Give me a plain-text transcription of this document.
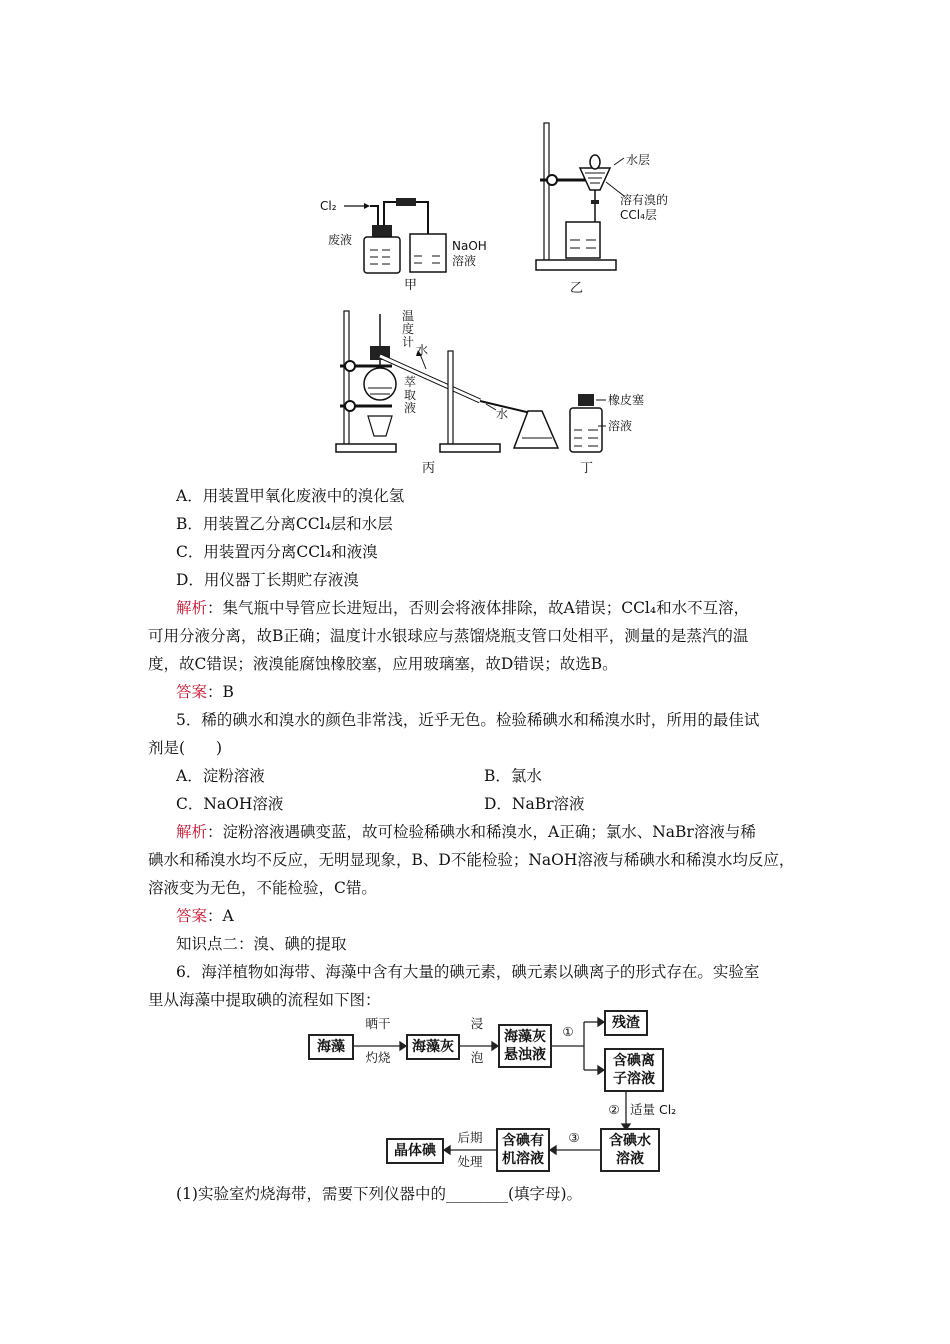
Cl₂
废液	NaOH
溶液
甲
水层
溶有溴的
CCl₄层
乙
水
水
温
度
计
萃
取
液
丙
橡皮塞
溶液
丁
A．用装置甲氧化废液中的溴化氢
B．用装置乙分离CCl₄层和水层
C．用装置丙分离CCl₄和液溴
D．用仪器丁长期贮存液溴
解析：集气瓶中导管应长进短出，否则会将液体排除，故A错误；CCl₄和水不互溶，
可用分液分离，故B正确；温度计水银球应与蒸馏烧瓶支管口处相平，测量的是蒸汽的温
度，故C错误；液溴能腐蚀橡胶塞，应用玻璃塞，故D错误；故选B。
答案：B
5．稀的碘水和溴水的颜色非常浅，近乎无色。检验稀碘水和稀溴水时，所用的最佳试
剂是(　　)
A．淀粉溶液	B．氯水
C．NaOH溶液	D．NaBr溶液
解析：淀粉溶液遇碘变蓝，故可检验稀碘水和稀溴水，A正确；氯水、NaBr溶液与稀
碘水和稀溴水均不反应，无明显现象，B、D不能检验；NaOH溶液与稀碘水和稀溴水均反应，
溶液变为无色，不能检验，C错。
答案：A
知识点二：溴、碘的提取
6．海洋植物如海带、海藻中含有大量的碘元素，碘元素以碘离子的形式存在。实验室
里从海藻中提取碘的流程如下图：
海藻
晒干
灼烧
海藻灰
浸
泡
海藻灰
悬浊液
①
残渣
含碘离
子溶液
② 适量 Cl₂
含碘水
溶液
③
含碘有
机溶液
后期
处理
晶体碘
(1)实验室灼烧海带，需要下列仪器中的________(填字母)。
